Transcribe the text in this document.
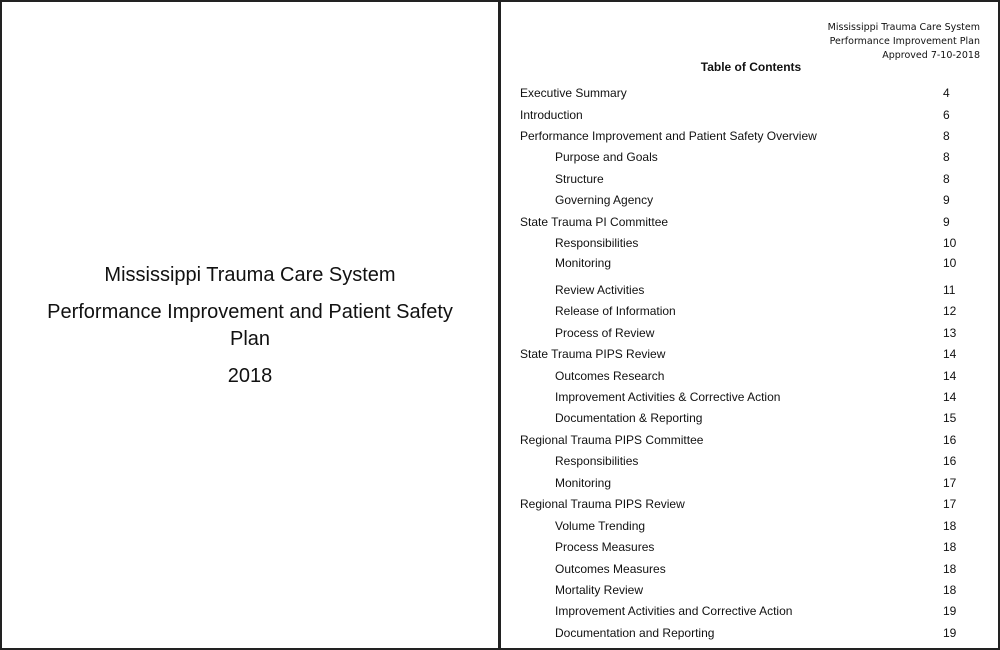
Mississippi Trauma Care System
Performance Improvement and Patient Safety
Plan
2018
Mississippi Trauma Care System
Performance Improvement Plan
Approved 7-10-2018
Table of Contents
Executive Summary	4
Introduction	6
Performance Improvement and Patient Safety Overview	8
Purpose and Goals	8
Structure	8
Governing Agency	9
State Trauma PI Committee	9
Responsibilities	10
Monitoring	10
Review Activities	11
Release of Information	12
Process of Review	13
State Trauma PIPS Review	14
Outcomes Research	14
Improvement Activities & Corrective Action	14
Documentation & Reporting	15
Regional Trauma PIPS Committee	16
Responsibilities	16
Monitoring	17
Regional Trauma PIPS Review	17
Volume Trending	18
Process Measures	18
Outcomes Measures	18
Mortality Review	18
Improvement Activities and Corrective Action	19
Documentation and Reporting	19
